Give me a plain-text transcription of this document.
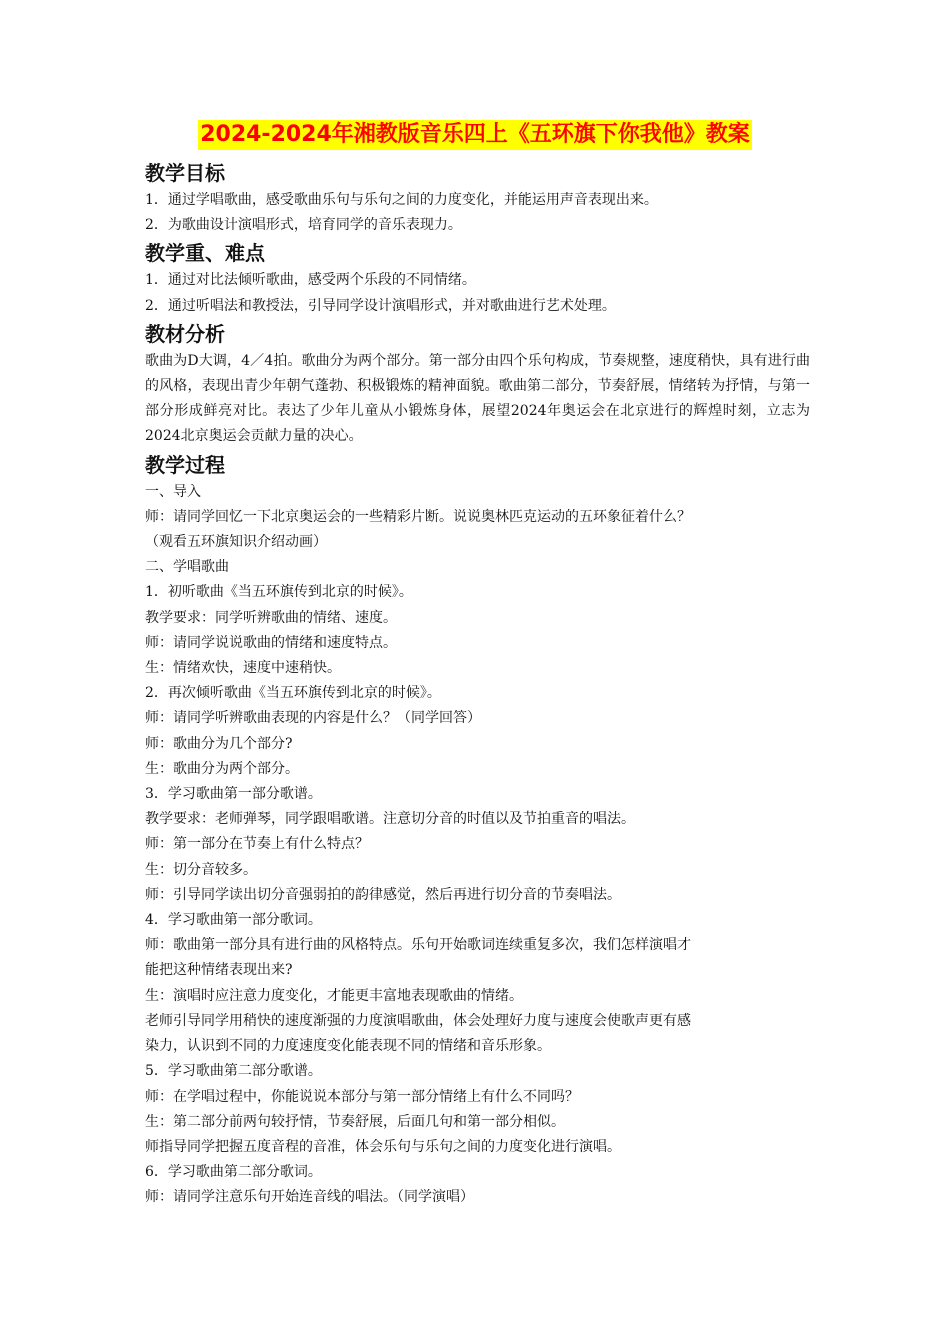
2024-2024年湘教版音乐四上《五环旗下你我他》教案
教学目标

1．通过学唱歌曲，感受歌曲乐句与乐句之间的力度变化，并能运用声音表现出来。

2．为歌曲设计演唱形式，培育同学的音乐表现力。

教学重、难点

1．通过对比法倾听歌曲，感受两个乐段的不同情绪。

2．通过听唱法和教授法，引导同学设计演唱形式，并对歌曲进行艺术处理。

教材分析

歌曲为D大调，4／4拍。歌曲分为两个部分。第一部分由四个乐句构成，节奏规整，速度稍快，具有进行曲的风格，表现出青少年朝气蓬勃、积极锻炼的精神面貌。歌曲第二部分，节奏舒展，情绪转为抒情，与第一部分形成鲜亮对比。表达了少年儿童从小锻炼身体，展望2024年奥运会在北京进行的辉煌时刻，立志为2024北京奥运会贡献力量的决心。

教学过程

一、导入

师：请同学回忆一下北京奥运会的一些精彩片断。说说奥林匹克运动的五环象征着什么？

（观看五环旗知识介绍动画）

二、学唱歌曲

1．初听歌曲《当五环旗传到北京的时候》。

教学要求：同学听辨歌曲的情绪、速度。

师：请同学说说歌曲的情绪和速度特点。

生：情绪欢快，速度中速稍快。

2．再次倾听歌曲《当五环旗传到北京的时候》。

师：请同学听辨歌曲表现的内容是什么？（同学回答）

师：歌曲分为几个部分?

生：歌曲分为两个部分。

3．学习歌曲第一部分歌谱。

教学要求：老师弹琴，同学跟唱歌谱。注意切分音的时值以及节拍重音的唱法。

师：第一部分在节奏上有什么特点？

生：切分音较多。

师：引导同学读出切分音强弱拍的韵律感觉，然后再进行切分音的节奏唱法。

4．学习歌曲第一部分歌词。

师：歌曲第一部分具有进行曲的风格特点。乐句开始歌词连续重复多次，我们怎样演唱才

能把这种情绪表现出来?

生：演唱时应注意力度变化，才能更丰富地表现歌曲的情绪。

老师引导同学用稍快的速度渐强的力度演唱歌曲，体会处理好力度与速度会使歌声更有感

染力，认识到不同的力度速度变化能表现不同的情绪和音乐形象。

5．学习歌曲第二部分歌谱。

师：在学唱过程中，你能说说本部分与第一部分情绪上有什么不同吗？

生：第二部分前两句较抒情，节奏舒展，后面几句和第一部分相似。

师指导同学把握五度音程的音准，体会乐句与乐句之间的力度变化进行演唱。

6．学习歌曲第二部分歌词。

师：请同学注意乐句开始连音线的唱法。（同学演唱）
